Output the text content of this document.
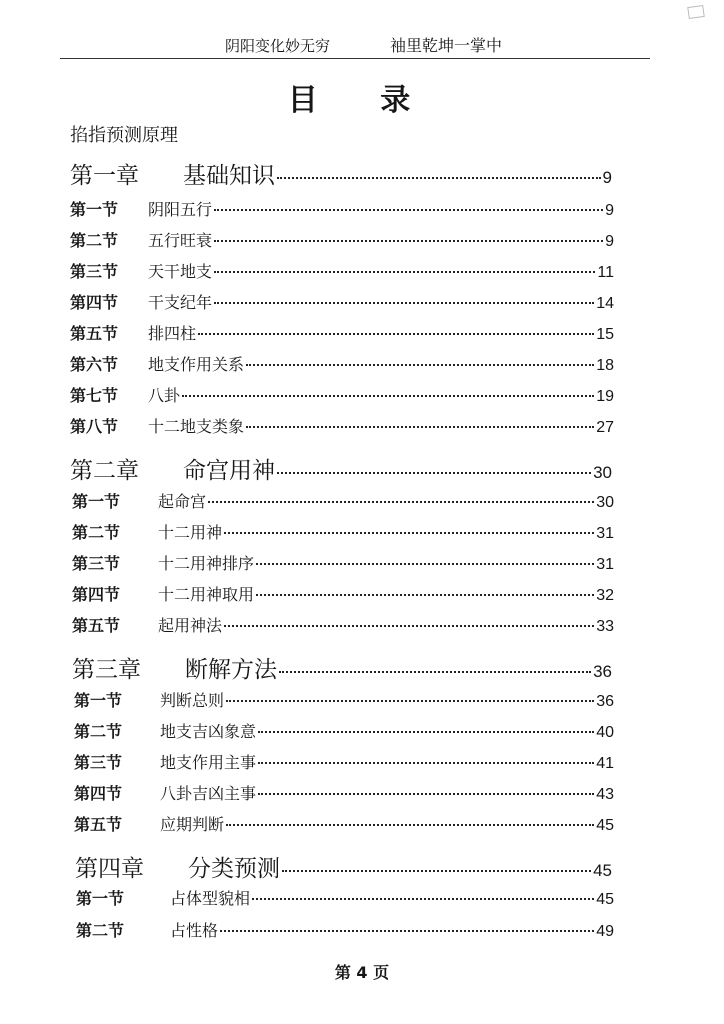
阴阳变化妙无穷	袖里乾坤一掌中
目 录
掐指预测原理
第一章	基础知识	9
第一节	阴阳五行	9
第二节	五行旺衰	9
第三节	天干地支	11
第四节	干支纪年	14
第五节	排四柱	15
第六节	地支作用关系	18
第七节	八卦	19
第八节	十二地支类象	27
第二章	命宫用神	30
第一节	起命宫	30
第二节	十二用神	31
第三节	十二用神排序	31
第四节	十二用神取用	32
第五节	起用神法	33
第三章	断解方法	36
第一节	判断总则	36
第二节	地支吉凶象意	40
第三节	地支作用主事	41
第四节	八卦吉凶主事	43
第五节	应期判断	45
第四章	分类预测	45
第一节	占体型貌相	45
第二节	占性格	49
第 4 页
